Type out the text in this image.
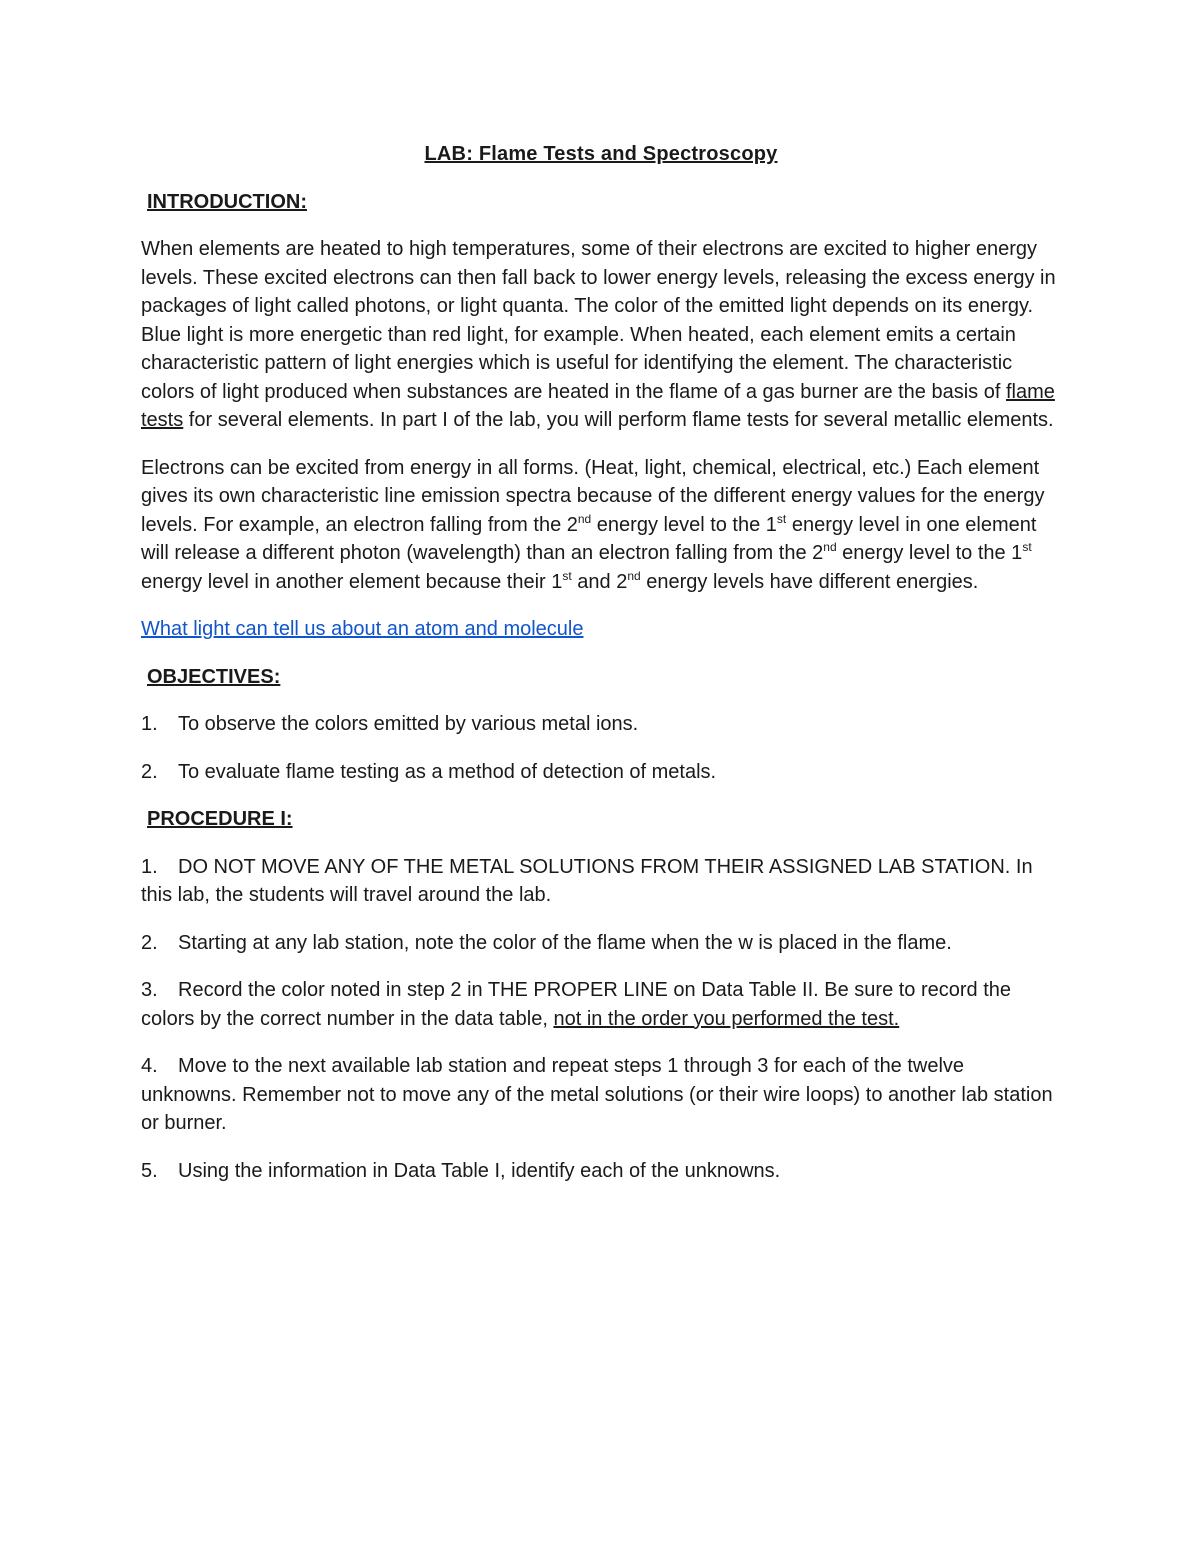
LAB: Flame Tests and Spectroscopy
INTRODUCTION:

When elements are heated to high temperatures, some of their electrons are excited to higher energy levels. These excited electrons can then fall back to lower energy levels, releasing the excess energy in packages of light called photons, or light quanta. The color of the emitted light depends on its energy. Blue light is more energetic than red light, for example. When heated, each element emits a certain characteristic pattern of light energies which is useful for identifying the element. The characteristic colors of light produced when substances are heated in the flame of a gas burner are the basis of flame tests for several elements. In part I of the lab, you will perform flame tests for several metallic elements.

Electrons can be excited from energy in all forms. (Heat, light, chemical, electrical, etc.) Each element gives its own characteristic line emission spectra because of the different energy values for the energy levels. For example, an electron falling from the 2nd energy level to the 1st energy level in one element will release a different photon (wavelength) than an electron falling from the 2nd energy level to the 1st energy level in another element because their 1st and 2nd energy levels have different energies.

What light can tell us about an atom and molecule

OBJECTIVES:

1. To observe the colors emitted by various metal ions.

2. To evaluate flame testing as a method of detection of metals.

PROCEDURE I:

1. DO NOT MOVE ANY OF THE METAL SOLUTIONS FROM THEIR ASSIGNED LAB STATION. In this lab, the students will travel around the lab.

2. Starting at any lab station, note the color of the flame when the w is placed in the flame.

3. Record the color noted in step 2 in THE PROPER LINE on Data Table II. Be sure to record the colors by the correct number in the data table, not in the order you performed the test.

4. Move to the next available lab station and repeat steps 1 through 3 for each of the twelve unknowns. Remember not to move any of the metal solutions (or their wire loops) to another lab station or burner.

5. Using the information in Data Table I, identify each of the unknowns.
